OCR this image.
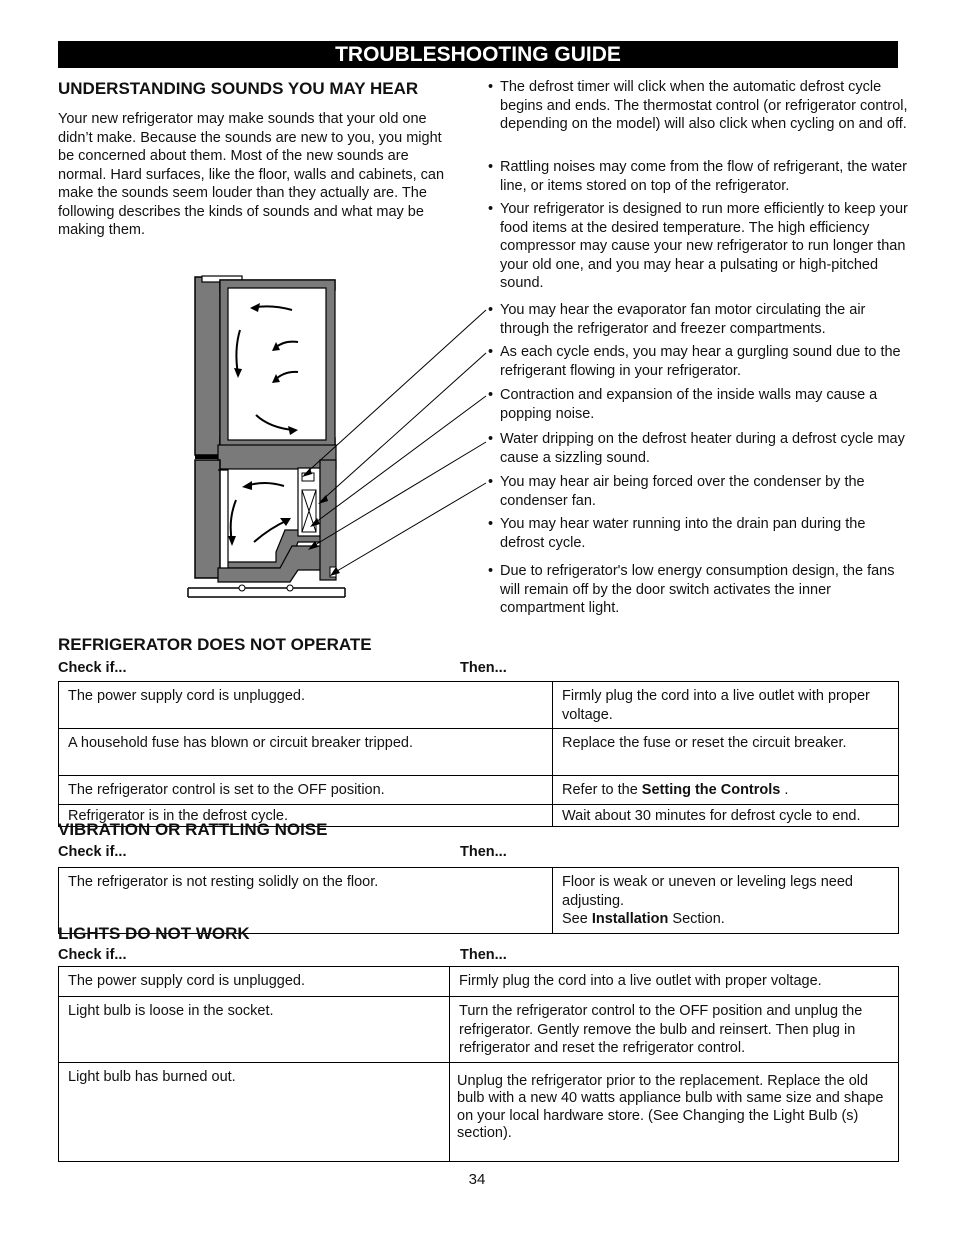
TROUBLESHOOTING GUIDE
UNDERSTANDING SOUNDS YOU MAY HEAR

Your new refrigerator may make sounds that your old one didn’t make. Because the sounds are new to you, you might be concerned about them. Most of the new sounds are normal. Hard surfaces, like the floor, walls and cabinets, can make the sounds seem louder than they actually are. The following describes the kinds of sounds and what may be making them.

• The defrost timer will click when the automatic defrost cycle begins and ends. The thermostat control (or refrigerator control, depending on the model) will also click when cycling on and off.
• Rattling noises may come from the flow of refrigerant, the water line, or items stored on top of the refrigerator.
• Your refrigerator is designed to run more efficiently to keep your food items at the desired temperature. The high efficiency compressor may cause your new refrigerator to run longer than your old one, and you may hear a pulsating or high-pitched sound.
• You may hear the evaporator fan motor circulating the air through the refrigerator and freezer compartments.
• As each cycle ends, you may hear a gurgling sound due to the refrigerant flowing in your refrigerator.
• Contraction and expansion of the inside walls may cause a popping noise.
• Water dripping on the defrost heater during a defrost cycle may cause a sizzling sound.
• You may hear air being forced over the condenser by the condenser fan.
• You may hear water running into the drain pan during the defrost cycle.
• Due to refrigerator's low energy consumption design, the fans will remain off by the door switch activates the inner compartment light.
REFRIGERATOR DOES NOT OPERATE
Check if...	Then...
The power supply cord is unplugged.	Firmly plug the cord into a live outlet with proper voltage.
A household fuse has blown or circuit breaker tripped.	Replace the fuse or reset the circuit breaker.
The refrigerator control is set to the OFF position.	Refer to the Setting the Controls .
Refrigerator is in the defrost cycle.	Wait about 30 minutes for defrost cycle to end.
VIBRATION OR RATTLING NOISE
Check if...	Then...
The refrigerator is not resting solidly on the floor.	Floor is weak or uneven or leveling legs need adjusting.
See Installation Section.
LIGHTS DO NOT WORK
Check if...	Then...
The power supply cord is unplugged.	Firmly plug the cord into a live outlet with proper voltage.
Light bulb is loose in the socket.	Turn the refrigerator control to the OFF position and unplug the refrigerator. Gently remove the bulb and reinsert. Then plug in refrigerator and reset the refrigerator control.
Light bulb has burned out.	Unplug the refrigerator prior to the replacement. Replace the old bulb with a new 40 watts appliance bulb with same size and shape on your local hardware store. (See Changing the Light Bulb (s) section).
34
